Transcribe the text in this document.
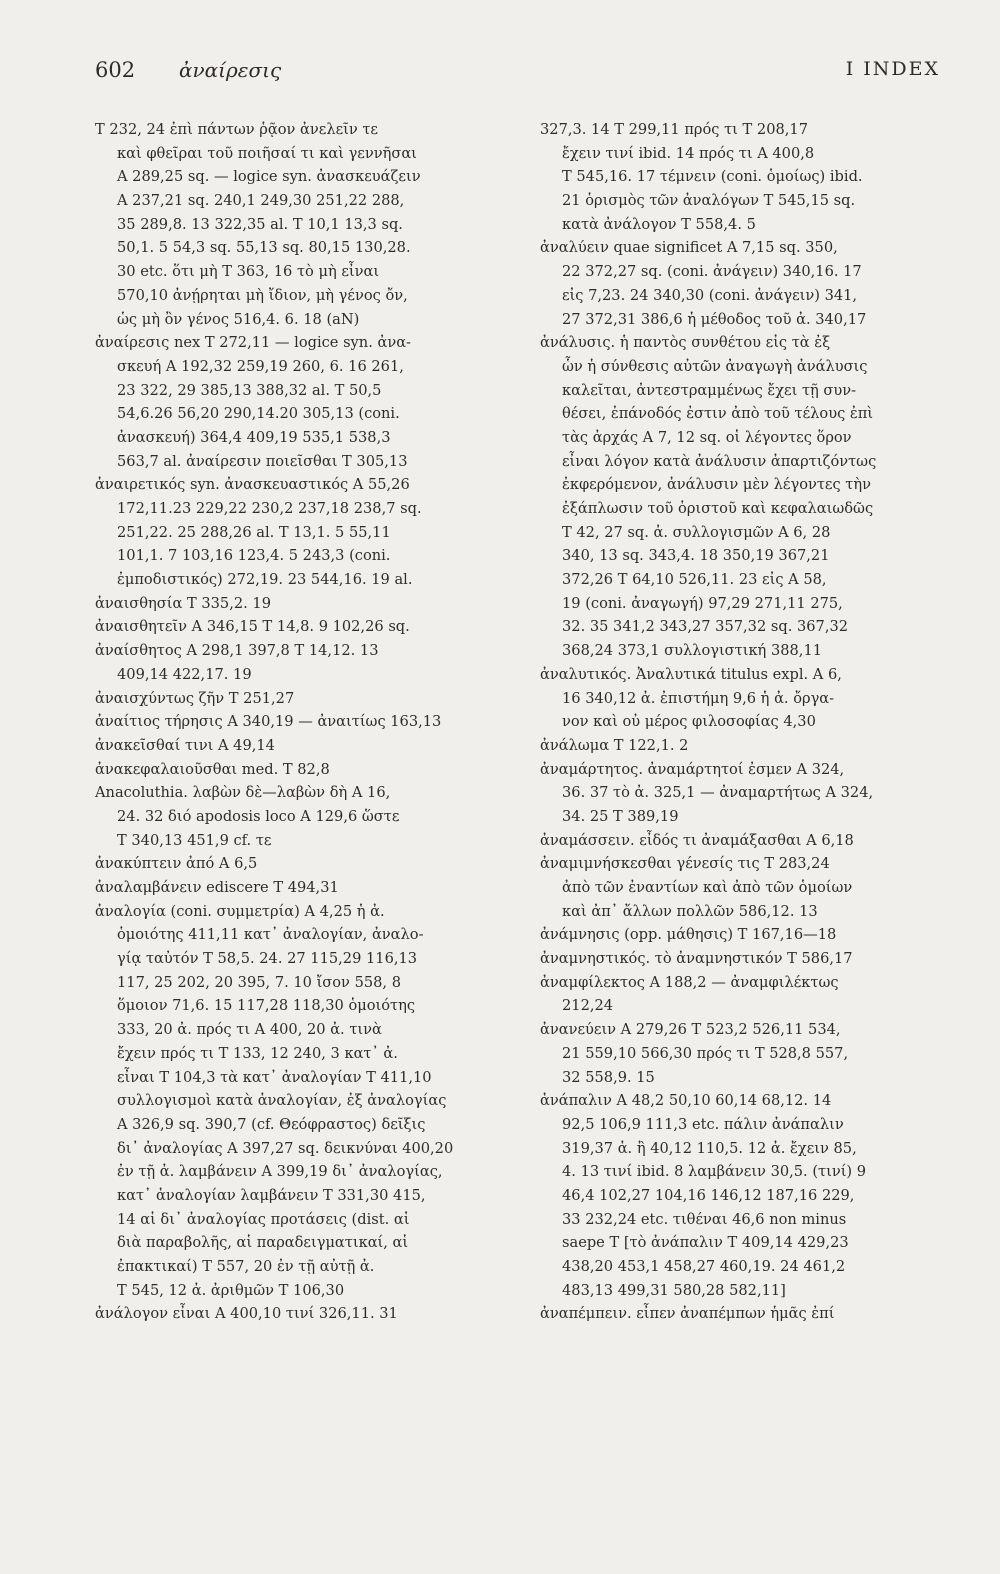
602 ἀναίρεσις	I INDEX
T 232, 24 ἐπὶ πάντων ῥᾷον ἀνελεῖν τε
καὶ φθεῖραι τοῦ ποιῆσαί τι καὶ γεννῆσαι
A 289,25 sq. — logice syn. ἀνασκευάζειν
A 237,21 sq. 240,1 249,30 251,22 288,
35 289,8. 13 322,35 al. T 10,1 13,3 sq.
50,1. 5 54,3 sq. 55,13 sq. 80,15 130,28.
30 etc. ὅτι μὴ T 363, 16 τὸ μὴ εἶναι
570,10 ἀνῄρηται μὴ ἴδιον, μὴ γένος ὄν,
ὡς μὴ ὂν γένος 516,4. 6. 18 (aN)
ἀναίρεσις nex T 272,11 — logice syn. ἀνα-
σκευή A 192,32 259,19 260, 6. 16 261,
23 322, 29 385,13 388,32 al. T 50,5
54,6.26 56,20 290,14.20 305,13 (coni.
ἀνασκευή) 364,4 409,19 535,1 538,3
563,7 al. ἀναίρεσιν ποιεῖσθαι T 305,13
ἀναιρετικός syn. ἀνασκευαστικός A 55,26
172,11.23 229,22 230,2 237,18 238,7 sq.
251,22. 25 288,26 al. T 13,1. 5 55,11
101,1. 7 103,16 123,4. 5 243,3 (coni.
ἐμποδιστικός) 272,19. 23 544,16. 19 al.
ἀναισθησία T 335,2. 19
ἀναισθητεῖν A 346,15 T 14,8. 9 102,26 sq.
ἀναίσθητος A 298,1 397,8 T 14,12. 13
409,14 422,17. 19
ἀναισχύντως ζῆν T 251,27
ἀναίτιος τήρησις A 340,19 — ἀναιτίως 163,13
ἀνακεῖσθαί τινι A 49,14
ἀνακεφαλαιοῦσθαι med. T 82,8
Anacoluthia. λαβὼν δὲ—λαβὼν δὴ A 16,
24. 32 διό apodosis loco A 129,6 ὥστε
T 340,13 451,9 cf. τε
ἀνακύπτειν ἀπό A 6,5
ἀναλαμβάνειν ediscere T 494,31
ἀναλογία (coni. συμμετρία) A 4,25 ἡ ἀ.
ὁμοιότης 411,11 κατ᾽ ἀναλογίαν, ἀναλο-
γίᾳ ταὐτόν T 58,5. 24. 27 115,29 116,13
117, 25 202, 20 395, 7. 10 ἴσον 558, 8
ὅμοιον 71,6. 15 117,28 118,30 ὁμοιότης
333, 20 ἀ. πρός τι A 400, 20 ἀ. τινὰ
ἔχειν πρός τι T 133, 12 240, 3 κατ᾽ ἀ.
εἶναι T 104,3 τὰ κατ᾽ ἀναλογίαν T 411,10
συλλογισμοὶ κατὰ ἀναλογίαν, ἐξ ἀναλογίας
A 326,9 sq. 390,7 (cf. Θεόφραστος) δεῖξις
δι᾽ ἀναλογίας A 397,27 sq. δεικνύναι 400,20
ἐν τῇ ἀ. λαμβάνειν A 399,19 δι᾽ ἀναλογίας,
κατ᾽ ἀναλογίαν λαμβάνειν T 331,30 415,
14 αἱ δι᾽ ἀναλογίας προτάσεις (dist. αἱ
διὰ παραβολῆς, αἱ παραδειγματικαί, αἱ
ἐπακτικαί) T 557, 20 ἐν τῇ αὐτῇ ἀ.
T 545, 12 ἀ. ἀριθμῶν T 106,30
ἀνάλογον εἶναι A 400,10 τινί 326,11. 31
327,3. 14 T 299,11 πρός τι T 208,17
ἔχειν τινί ibid. 14 πρός τι A 400,8
T 545,16. 17 τέμνειν (coni. ὁμοίως) ibid.
21 ὁρισμὸς τῶν ἀναλόγων T 545,15 sq.
κατὰ ἀνάλογον T 558,4. 5
ἀναλύειν quae significet A 7,15 sq. 350,
22 372,27 sq. (coni. ἀνάγειν) 340,16. 17
εἰς 7,23. 24 340,30 (coni. ἀνάγειν) 341,
27 372,31 386,6 ἡ μέθοδος τοῦ ἀ. 340,17
ἀνάλυσις. ἡ παντὸς συνθέτου εἰς τὰ ἐξ
ὧν ἡ σύνθεσις αὐτῶν ἀναγωγὴ ἀνάλυσις
καλεῖται, ἀντεστραμμένως ἔχει τῇ συν-
θέσει, ἐπάνοδός ἐστιν ἀπὸ τοῦ τέλους ἐπὶ
τὰς ἀρχάς A 7, 12 sq. οἱ λέγοντες ὅρον
εἶναι λόγον κατὰ ἀνάλυσιν ἀπαρτιζόντως
ἐκφερόμενον, ἀνάλυσιν μὲν λέγοντες τὴν
ἐξάπλωσιν τοῦ ὁριστοῦ καὶ κεφαλαιωδῶς
T 42, 27 sq. ἀ. συλλογισμῶν A 6, 28
340, 13 sq. 343,4. 18 350,19 367,21
372,26 T 64,10 526,11. 23 εἰς A 58,
19 (coni. ἀναγωγή) 97,29 271,11 275,
32. 35 341,2 343,27 357,32 sq. 367,32
368,24 373,1 συλλογιστική 388,11
ἀναλυτικός. Ἀναλυτικά titulus expl. A 6,
16 340,12 ἀ. ἐπιστήμη 9,6 ἡ ἀ. ὄργα-
νον καὶ οὐ μέρος φιλοσοφίας 4,30
ἀνάλωμα T 122,1. 2
ἀναμάρτητος. ἀναμάρτητοί ἐσμεν A 324,
36. 37 τὸ ἀ. 325,1 — ἀναμαρτήτως A 324,
34. 25 T 389,19
ἀναμάσσειν. εἶδός τι ἀναμάξασθαι A 6,18
ἀναμιμνήσκεσθαι γένεσίς τις T 283,24
ἀπὸ τῶν ἐναντίων καὶ ἀπὸ τῶν ὁμοίων
καὶ ἀπ᾽ ἄλλων πολλῶν 586,12. 13
ἀνάμνησις (opp. μάθησις) T 167,16—18
ἀναμνηστικός. τὸ ἀναμνηστικόν T 586,17
ἀναμφίλεκτος A 188,2 — ἀναμφιλέκτως
212,24
ἀνανεύειν A 279,26 T 523,2 526,11 534,
21 559,10 566,30 πρός τι T 528,8 557,
32 558,9. 15
ἀνάπαλιν A 48,2 50,10 60,14 68,12. 14
92,5 106,9 111,3 etc. πάλιν ἀνάπαλιν
319,37 ἀ. ἢ 40,12 110,5. 12 ἀ. ἔχειν 85,
4. 13 τινί ibid. 8 λαμβάνειν 30,5. (τινί) 9
46,4 102,27 104,16 146,12 187,16 229,
33 232,24 etc. τιθέναι 46,6 non minus
saepe T [τὸ ἀνάπαλιν T 409,14 429,23
438,20 453,1 458,27 460,19. 24 461,2
483,13 499,31 580,28 582,11]
ἀναπέμπειν. εἶπεν ἀναπέμπων ἡμᾶς ἐπί
